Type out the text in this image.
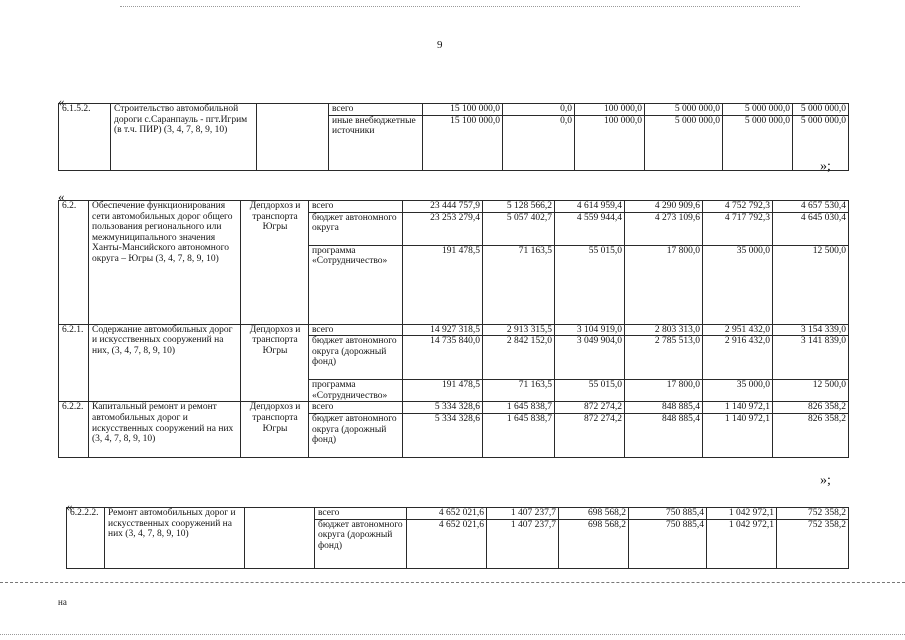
9
«
6.1.5.2.	Строительство автомобильной дороги с.Саранпауль - пгт.Игрим (в т.ч. ПИР) (3, 4, 7, 8, 9, 10)		всего	15 100 000,0	0,0	100 000,0	5 000 000,0	5 000 000,0	5 000 000,0
			иные внебюджетные источники	15 100 000,0	0,0	100 000,0	5 000 000,0	5 000 000,0	5 000 000,0
»;
«
6.2.	Обеспечение функционирования сети автомобильных дорог общего пользования регионального или межмуниципального значения Ханты-Мансийского автономного округа – Югры (3, 4, 7, 8, 9, 10)	Депдорхоз и транспорта Югры	всего	23 444 757,9	5 128 566,2	4 614 959,4	4 290 909,6	4 752 792,3	4 657 530,4
			бюджет автономного округа	23 253 279,4	5 057 402,7	4 559 944,4	4 273 109,6	4 717 792,3	4 645 030,4
			программа «Сотрудничество»	191 478,5	71 163,5	55 015,0	17 800,0	35 000,0	12 500,0
6.2.1.	Содержание автомобильных дорог и искусственных сооружений на них, (3, 4, 7, 8, 9, 10)	Депдорхоз и транспорта Югры	всего	14 927 318,5	2 913 315,5	3 104 919,0	2 803 313,0	2 951 432,0	3 154 339,0
			бюджет автономного округа (дорожный фонд)	14 735 840,0	2 842 152,0	3 049 904,0	2 785 513,0	2 916 432,0	3 141 839,0
			программа «Сотрудничество»	191 478,5	71 163,5	55 015,0	17 800,0	35 000,0	12 500,0
6.2.2.	Капитальный ремонт и ремонт автомобильных дорог и искусственных сооружений на них (3, 4, 7, 8, 9, 10)	Депдорхоз и транспорта Югры	всего	5 334 328,6	1 645 838,7	872 274,2	848 885,4	1 140 972,1	826 358,2
			бюджет автономного округа (дорожный фонд)	5 334 328,6	1 645 838,7	872 274,2	848 885,4	1 140 972,1	826 358,2
»;
«
6.2.2.2.	Ремонт автомобильных дорог и искусственных сооружений на них (3, 4, 7, 8, 9, 10)		всего	4 652 021,6	1 407 237,7	698 568,2	750 885,4	1 042 972,1	752 358,2
			бюджет автономного округа (дорожный фонд)	4 652 021,6	1 407 237,7	698 568,2	750 885,4	1 042 972,1	752 358,2
на
